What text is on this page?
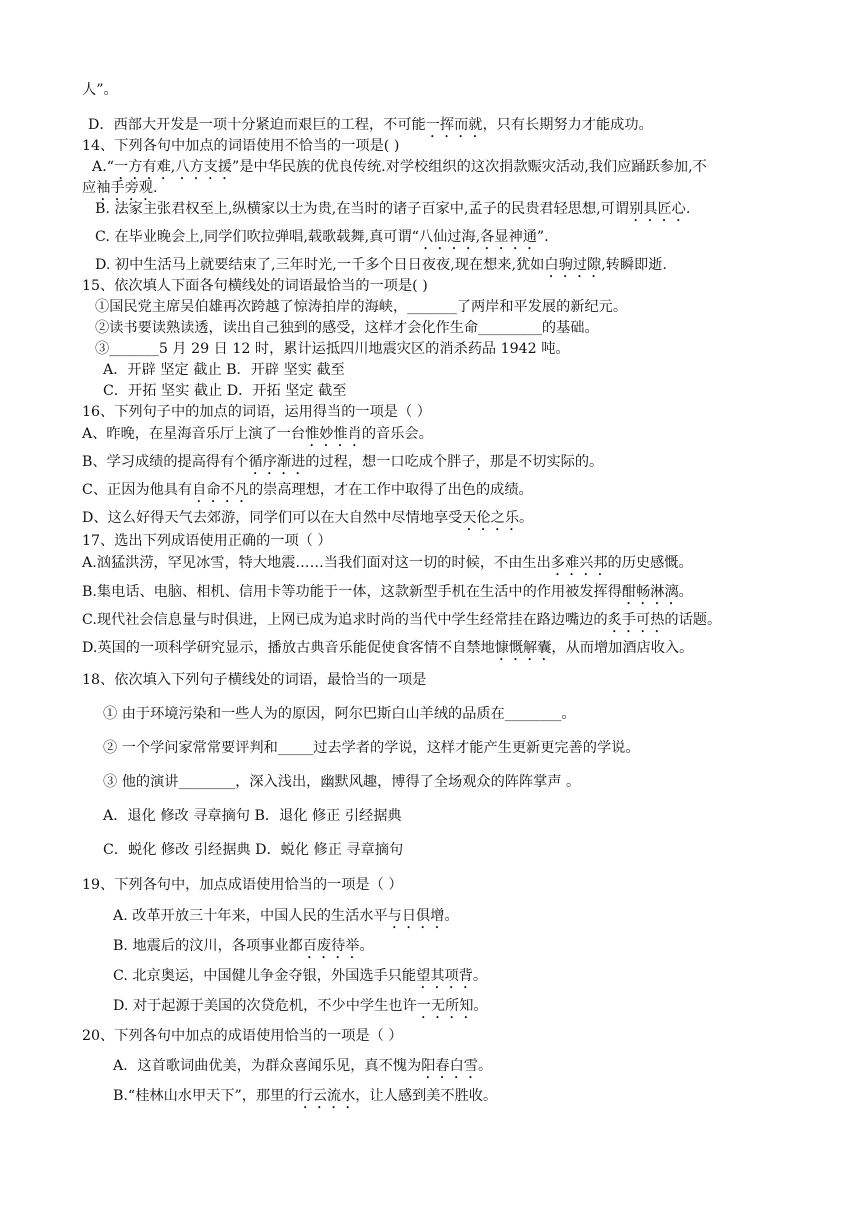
人”。
D．西部大开发是一项十分紧迫而艰巨的工程，不可能一挥而就，只有长期努力才能成功。
14、下列各句中加点的词语使用不恰当的一项是( )
A.“一方有难,八方支援”是中华民族的优良传统.对学校组织的这次捐款赈灾活动,我们应踊跃参加,不
应袖手旁观.
B. 法家主张君权至上,纵横家以士为贵,在当时的诸子百家中,孟子的民贵君轻思想,可谓别具匠心.
C. 在毕业晚会上,同学们吹拉弹唱,载歌载舞,真可谓“八仙过海,各显神通”.
D. 初中生活马上就要结束了,三年时光,一千多个日日夜夜,现在想来,犹如白驹过隙,转瞬即逝.
15、依次填人下面各句横线处的词语最恰当的一项是( )
①国民党主席吴伯雄再次跨越了惊涛拍岸的海峡，_______了两岸和平发展的新纪元。
②读书要读熟读透，读出自己独到的感受，这样才会化作生命_________的基础。
③_______5 月 29 日 12 时，累计运抵四川地震灾区的消杀药品 1942 吨。
A．开辟 坚定 截止 B．开辟 坚实 截至
C．开拓 坚实 截止 D．开拓 坚定 截至
16、下列句子中的加点的词语，运用得当的一项是（ ）
A、昨晚，在星海音乐厅上演了一台惟妙惟肖的音乐会。
B、学习成绩的提高得有个循序渐进的过程，想一口吃成个胖子，那是不切实际的。
C、正因为他具有自命不凡的崇高理想，才在工作中取得了出色的成绩。
D、这么好得天气去郊游，同学们可以在大自然中尽情地享受天伦之乐。
17、选出下列成语使用正确的一项（ ）
A.汹猛洪涝，罕见冰雪，特大地震……当我们面对这一切的时候，不由生出多难兴邦的历史感慨。
B.集电话、电脑、相机、信用卡等功能于一体，这款新型手机在生活中的作用被发挥得酣畅淋漓。
C.现代社会信息量与时俱进，上网已成为追求时尚的当代中学生经常挂在路边嘴边的炙手可热的话题。
D.英国的一项科学研究显示，播放古典音乐能促使食客情不自禁地慷慨解囊，从而增加酒店收入。
18、依次填入下列句子横线处的词语，最恰当的一项是
① 由于环境污染和一些人为的原因，阿尔巴斯白山羊绒的品质在________。
② 一个学问家常常要评判和_____过去学者的学说，这样才能产生更新更完善的学说。
③ 他的演讲________，深入浅出，幽默风趣，博得了全场观众的阵阵掌声 。
A．退化 修改 寻章摘句 B．退化 修正 引经据典
C．蜕化 修改 引经据典 D．蜕化 修正 寻章摘句
19、下列各句中，加点成语使用恰当的一项是（ ）
A. 改革开放三十年来，中国人民的生活水平与日俱增。
B. 地震后的汶川，各项事业都百废待举。
C. 北京奥运，中国健儿争金夺银，外国选手只能望其项背。
D. 对于起源于美国的次贷危机，不少中学生也许一无所知。
20、下列各句中加点的成语使用恰当的一项是（ ）
A．这首歌词曲优美，为群众喜闻乐见，真不愧为阳春白雪。
B.“桂林山水甲天下”，那里的行云流水，让人感到美不胜收。
